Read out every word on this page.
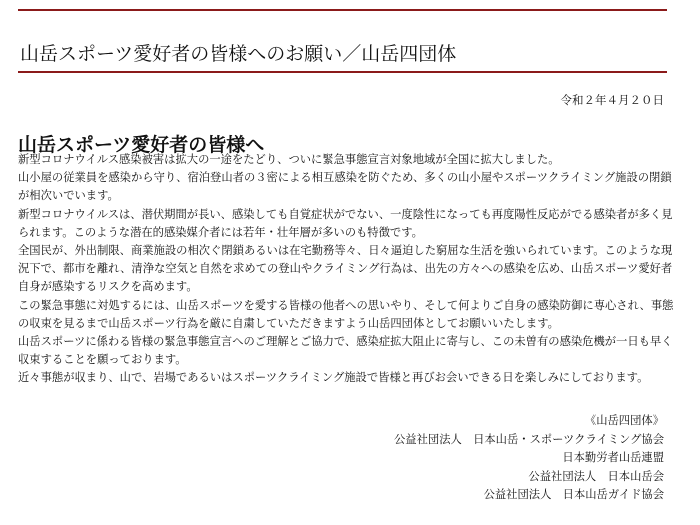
山岳スポーツ愛好者の皆様へのお願い／山岳四団体
令和２年４月２０日
山岳スポーツ愛好者の皆様へ

新型コロナウイルス感染被害は拡大の一途をたどり、ついに緊急事態宣言対象地域が全国に拡大しました。

山小屋の従業員を感染から守り、宿泊登山者の３密による相互感染を防ぐため、多くの山小屋やスポーツクライミング施設の閉鎖

が相次いでいます。

新型コロナウイルスは、潜伏期間が長い、感染しても自覚症状がでない、一度陰性になっても再度陽性反応がでる感染者が多く見

られます。このような潜在的感染媒介者には若年・壮年層が多いのも特徴です。

全国民が、外出制限、商業施設の相次ぐ閉鎖あるいは在宅勤務等々、日々逼迫した窮屈な生活を強いられています。このような現

況下で、都市を離れ、清浄な空気と自然を求めての登山やクライミング行為は、出先の方々への感染を広め、山岳スポーツ愛好者

自身が感染するリスクを高めます。

この緊急事態に対処するには、山岳スポーツを愛する皆様の他者への思いやり、そして何よりご自身の感染防御に専心され、事態

の収束を見るまで山岳スポーツ行為を厳に自粛していただきますよう山岳四団体としてお願いいたします。

山岳スポーツに係わる皆様の緊急事態宣言へのご理解とご協力で、感染症拡大阻止に寄与し、この未曽有の感染危機が一日も早く

収束することを願っております。

近々事態が収まり、山で、岩場であるいはスポーツクライミング施設で皆様と再びお会いできる日を楽しみにしております。

《山岳四団体》
公益社団法人　日本山岳・スポーツクライミング協会
日本勤労者山岳連盟
公益社団法人　日本山岳会
公益社団法人　日本山岳ガイド協会
